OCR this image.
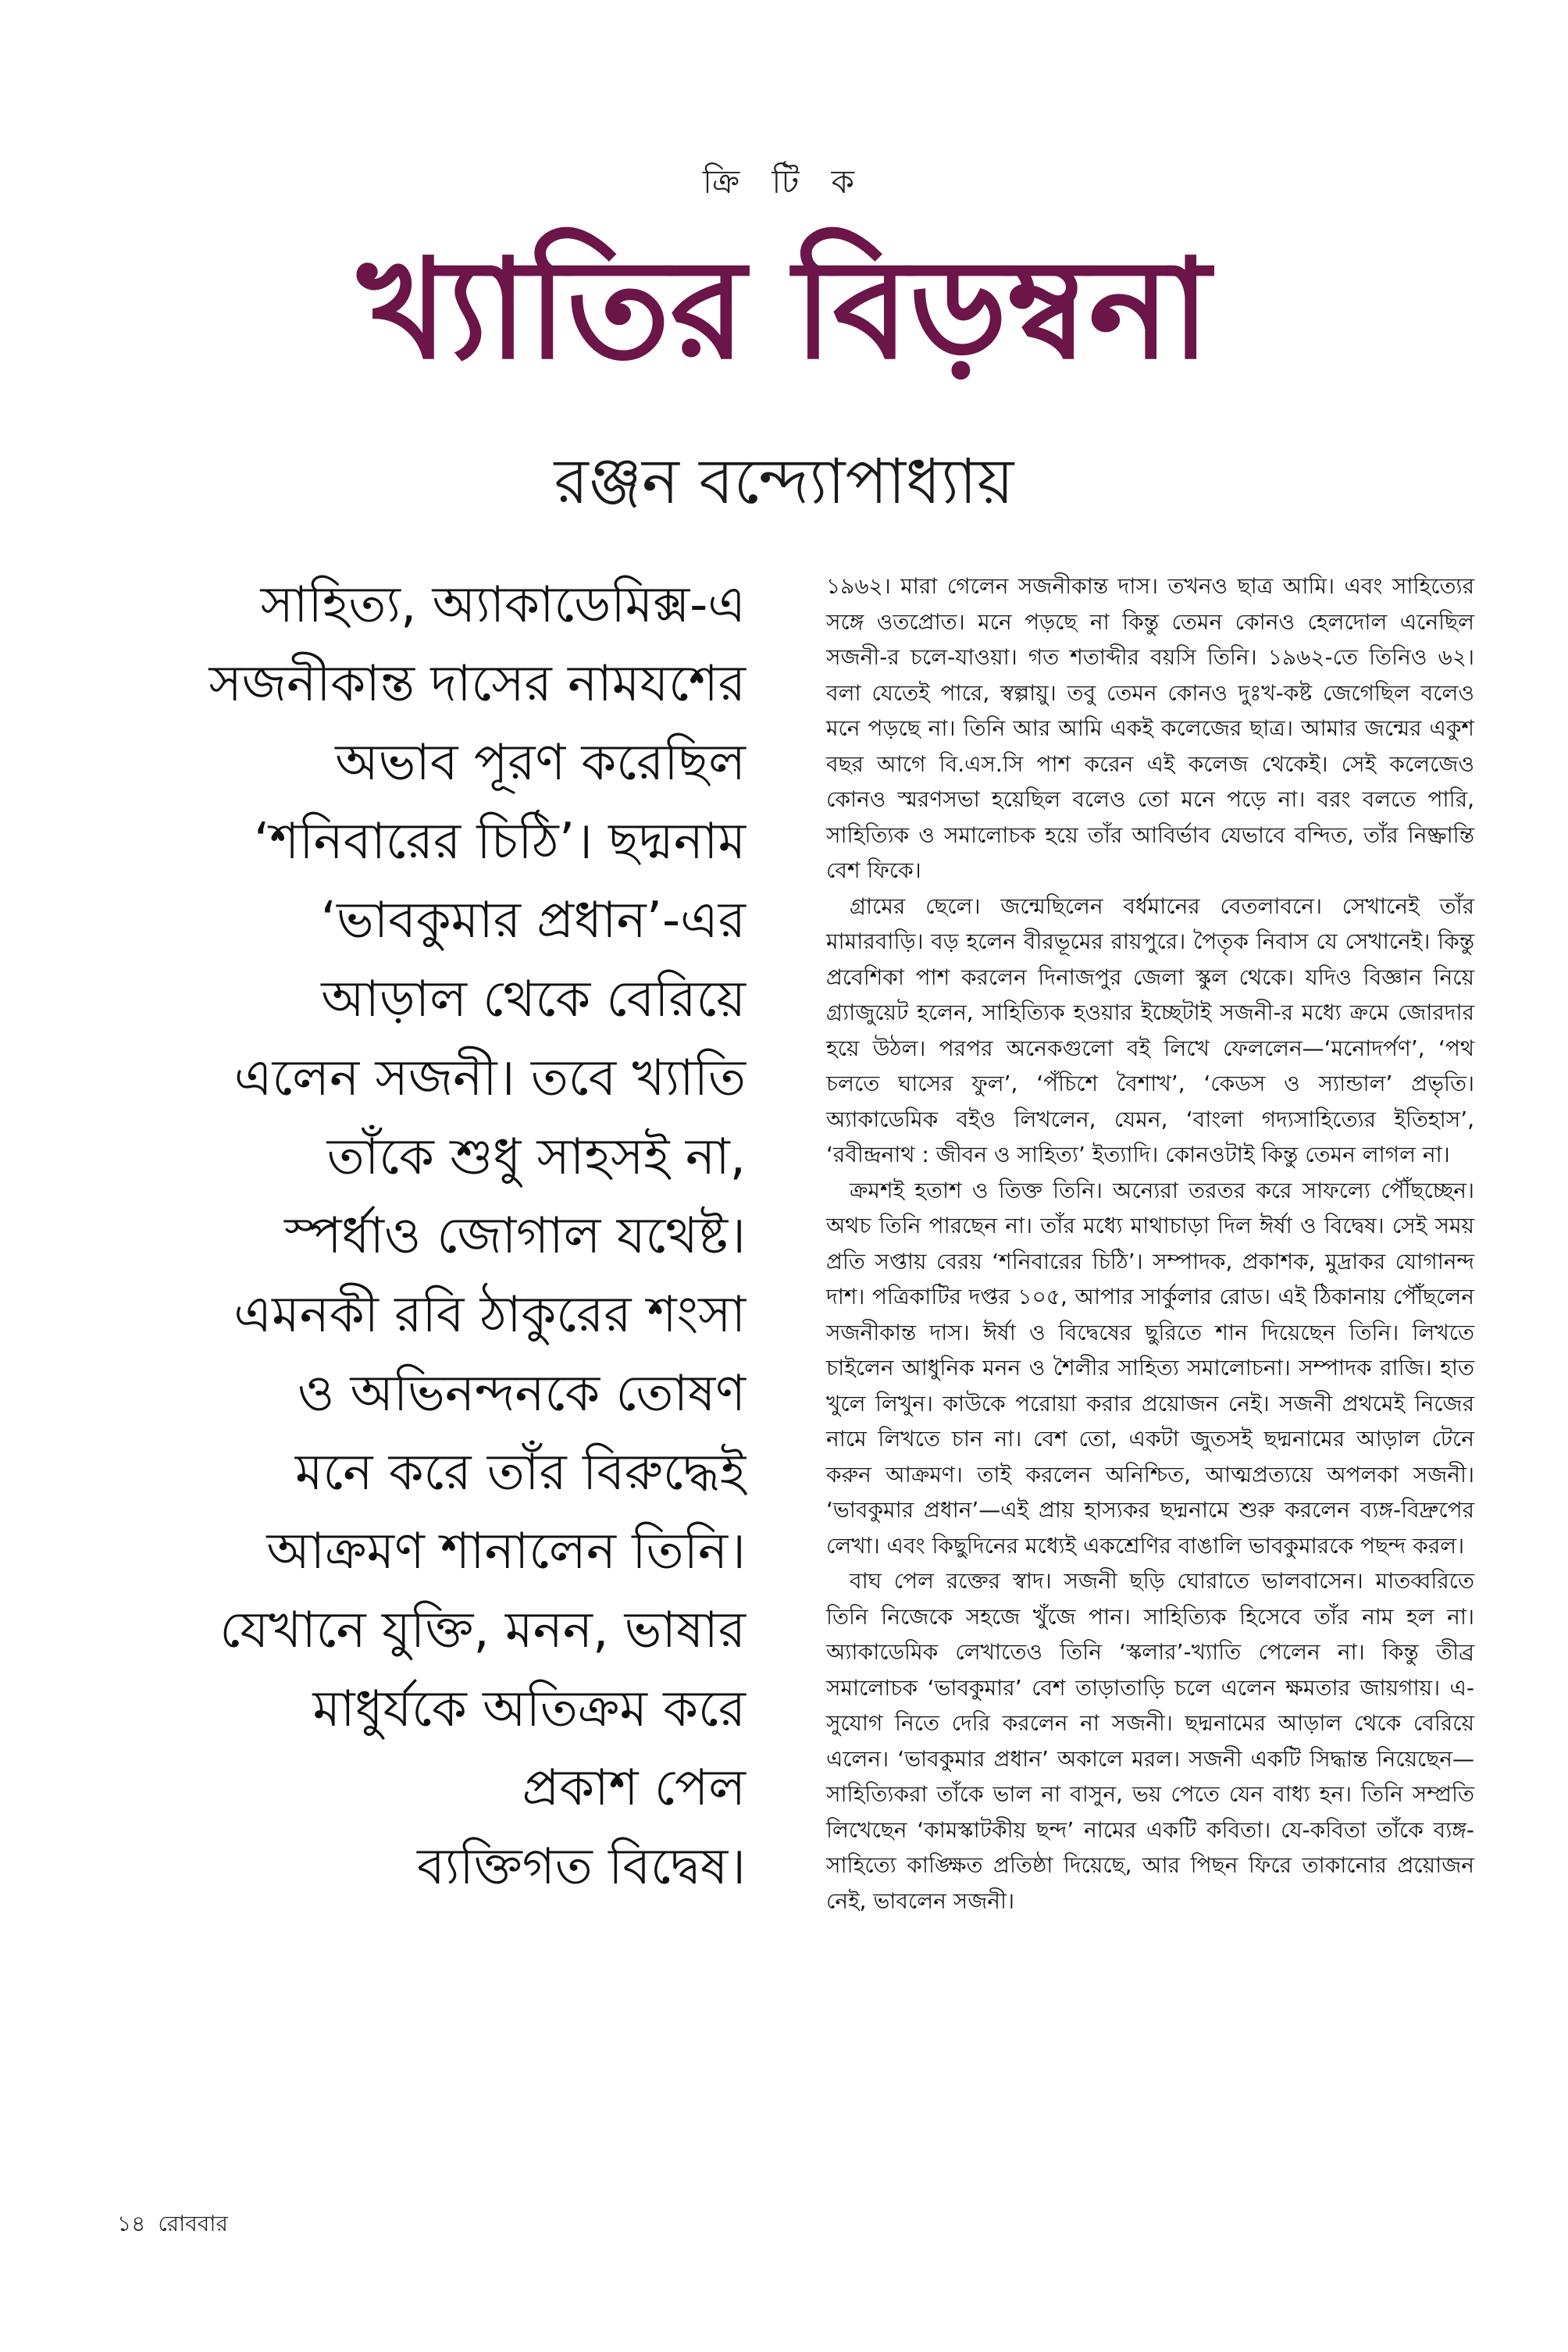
ক্রি টি ক
খ্যাতির বিড়ম্বনা
রঞ্জন বন্দ্যোপাধ্যায়
সাহিত্য, অ্যাকাডেমিক্স-এ
সজনীকান্ত দাসের নামযশের
অভাব পূরণ করেছিল
‘শনিবারের চিঠি’। ছদ্মনাম
‘ভাবকুমার প্রধান’-এর
আড়াল থেকে বেরিয়ে
এলেন সজনী। তবে খ্যাতি
তাঁকে শুধু সাহসই না,
স্পর্ধাও জোগাল যথেষ্ট।
এমনকী রবি ঠাকুরের শংসা
ও অভিনন্দনকে তোষণ
মনে করে তাঁর বিরুদ্ধেই
আক্রমণ শানালেন তিনি।
যেখানে যুক্তি, মনন, ভাষার
মাধুর্যকে অতিক্রম করে
প্রকাশ পেল
ব্যক্তিগত বিদ্বেষ।

১৯৬২। মারা গেলেন সজনীকান্ত দাস। তখনও ছাত্র আমি। এবং সাহিত্যের সঙ্গে ওতপ্রোত। মনে পড়ছে না কিন্তু তেমন কোনও হেলদোল এনেছিল সজনী-র চলে-যাওয়া। গত শতাব্দীর বয়সি তিনি। ১৯৬২-তে তিনিও ৬২। বলা যেতেই পারে, স্বল্পায়ু। তবু তেমন কোনও দুঃখ-কষ্ট জেগেছিল বলেও মনে পড়ছে না। তিনি আর আমি একই কলেজের ছাত্র। আমার জন্মের একুশ বছর আগে বি.এস.সি পাশ করেন এই কলেজ থেকেই। সেই কলেজেও কোনও স্মরণসভা হয়েছিল বলেও তো মনে পড়ে না। বরং বলতে পারি, সাহিত্যিক ও সমালোচক হয়ে তাঁর আবির্ভাব যেভাবে বন্দিত, তাঁর নিষ্ক্রান্তি বেশ ফিকে।

গ্রামের ছেলে। জন্মেছিলেন বর্ধমানের বেতলাবনে। সেখানেই তাঁর মামারবাড়ি। বড় হলেন বীরভূমের রায়পুরে। পৈতৃক নিবাস যে সেখানেই। কিন্তু প্রবেশিকা পাশ করলেন দিনাজপুর জেলা স্কুল থেকে। যদিও বিজ্ঞান নিয়ে গ্র্যাজুয়েট হলেন, সাহিত্যিক হওয়ার ইচ্ছেটাই সজনী-র মধ্যে ক্রমে জোরদার হয়ে উঠল। পরপর অনেকগুলো বই লিখে ফেললেন—‘মনোদর্পণ’, ‘পথ চলতে ঘাসের ফুল’, ‘পঁচিশে বৈশাখ’, ‘কেডস ও স্যান্ডাল’ প্রভৃতি। অ্যাকাডেমিক বইও লিখলেন, যেমন, ‘বাংলা গদ্যসাহিত্যের ইতিহাস’, ‘রবীন্দ্রনাথ : জীবন ও সাহিত্য’ ইত্যাদি। কোনওটাই কিন্তু তেমন লাগল না।

ক্রমশই হতাশ ও তিক্ত তিনি। অন্যেরা তরতর করে সাফল্যে পৌঁছচ্ছেন। অথচ তিনি পারছেন না। তাঁর মধ্যে মাথাচাড়া দিল ঈর্ষা ও বিদ্বেষ। সেই সময় প্রতি সপ্তায় বেরয় ‘শনিবারের চিঠি’। সম্পাদক, প্রকাশক, মুদ্রাকর যোগানন্দ দাশ। পত্রিকাটির দপ্তর ১০৫, আপার সার্কুলার রোড। এই ঠিকানায় পৌঁছলেন সজনীকান্ত দাস। ঈর্ষা ও বিদ্বেষের ছুরিতে শান দিয়েছেন তিনি। লিখতে চাইলেন আধুনিক মনন ও শৈলীর সাহিত্য সমালোচনা। সম্পাদক রাজি। হাত খুলে লিখুন। কাউকে পরোয়া করার প্রয়োজন নেই। সজনী প্রথমেই নিজের নামে লিখতে চান না। বেশ তো, একটা জুতসই ছদ্মনামের আড়াল টেনে করুন আক্রমণ। তাই করলেন অনিশ্চিত, আত্মপ্রত্যয়ে অপলকা সজনী। ‘ভাবকুমার প্রধান’—এই প্রায় হাস্যকর ছদ্মনামে শুরু করলেন ব্যঙ্গ-বিদ্রুপের লেখা। এবং কিছুদিনের মধ্যেই একশ্রেণির বাঙালি ভাবকুমারকে পছন্দ করল।

বাঘ পেল রক্তের স্বাদ। সজনী ছড়ি ঘোরাতে ভালবাসেন। মাতব্বরিতে তিনি নিজেকে সহজে খুঁজে পান। সাহিত্যিক হিসেবে তাঁর নাম হল না। অ্যাকাডেমিক লেখাতেও তিনি ‘স্কলার’-খ্যাতি পেলেন না। কিন্তু তীব্র সমালোচক ‘ভাবকুমার’ বেশ তাড়াতাড়ি চলে এলেন ক্ষমতার জায়গায়। এ-সুযোগ নিতে দেরি করলেন না সজনী। ছদ্মনামের আড়াল থেকে বেরিয়ে এলেন। ‘ভাবকুমার প্রধান’ অকালে মরল। সজনী একটি সিদ্ধান্ত নিয়েছেন—সাহিত্যিকরা তাঁকে ভাল না বাসুন, ভয় পেতে যেন বাধ্য হন। তিনি সম্প্রতি লিখেছেন ‘কামস্কাটকীয় ছন্দ’ নামের একটি কবিতা। যে-কবিতা তাঁকে ব্যঙ্গ-সাহিত্যে কাঙ্ক্ষিত প্রতিষ্ঠা দিয়েছে, আর পিছন ফিরে তাকানোর প্রয়োজন নেই, ভাবলেন সজনী।

১৪ রোববার
